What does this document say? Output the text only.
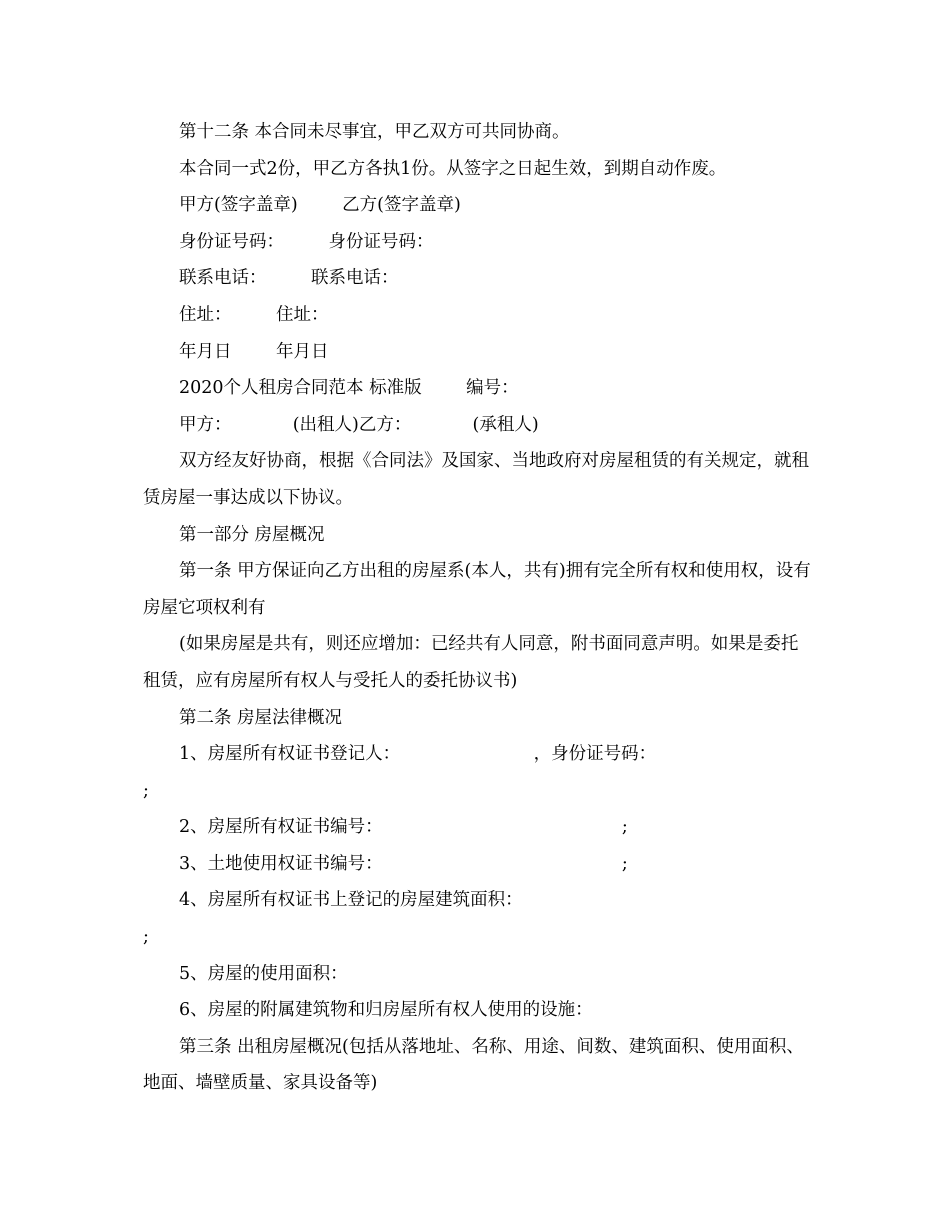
第十二条 本合同未尽事宜，甲乙双方可共同协商。

本合同一式2份，甲乙方各执1份。从签字之日起生效，到期自动作废。

甲方(签字盖章)        乙方(签字盖章)

身份证号码：        身份证号码：

联系电话：        联系电话：

住址：        住址：

年月日        年月日

2020个人租房合同范本 标准版        编号：

甲方：           (出租人)乙方：           (承租人)

双方经友好协商，根据《合同法》及国家、当地政府对房屋租赁的有关规定，就租赁房屋一事达成以下协议。

第一部分 房屋概况

第一条 甲方保证向乙方出租的房屋系(本人，共有)拥有完全所有权和使用权，设有房屋它项权利有

(如果房屋是共有，则还应增加：已经共有人同意，附书面同意声明。如果是委托租赁，应有房屋所有权人与受托人的委托协议书)

第二条 房屋法律概况

1、房屋所有权证书登记人：                        ，身份证号码：

;

2、房屋所有权证书编号：                                           ;

3、土地使用权证书编号：                                           ;

4、房屋所有权证书上登记的房屋建筑面积：

;

5、房屋的使用面积：

6、房屋的附属建筑物和归房屋所有权人使用的设施：

第三条 出租房屋概况(包括从落地址、名称、用途、间数、建筑面积、使用面积、地面、墙壁质量、家具设备等)
